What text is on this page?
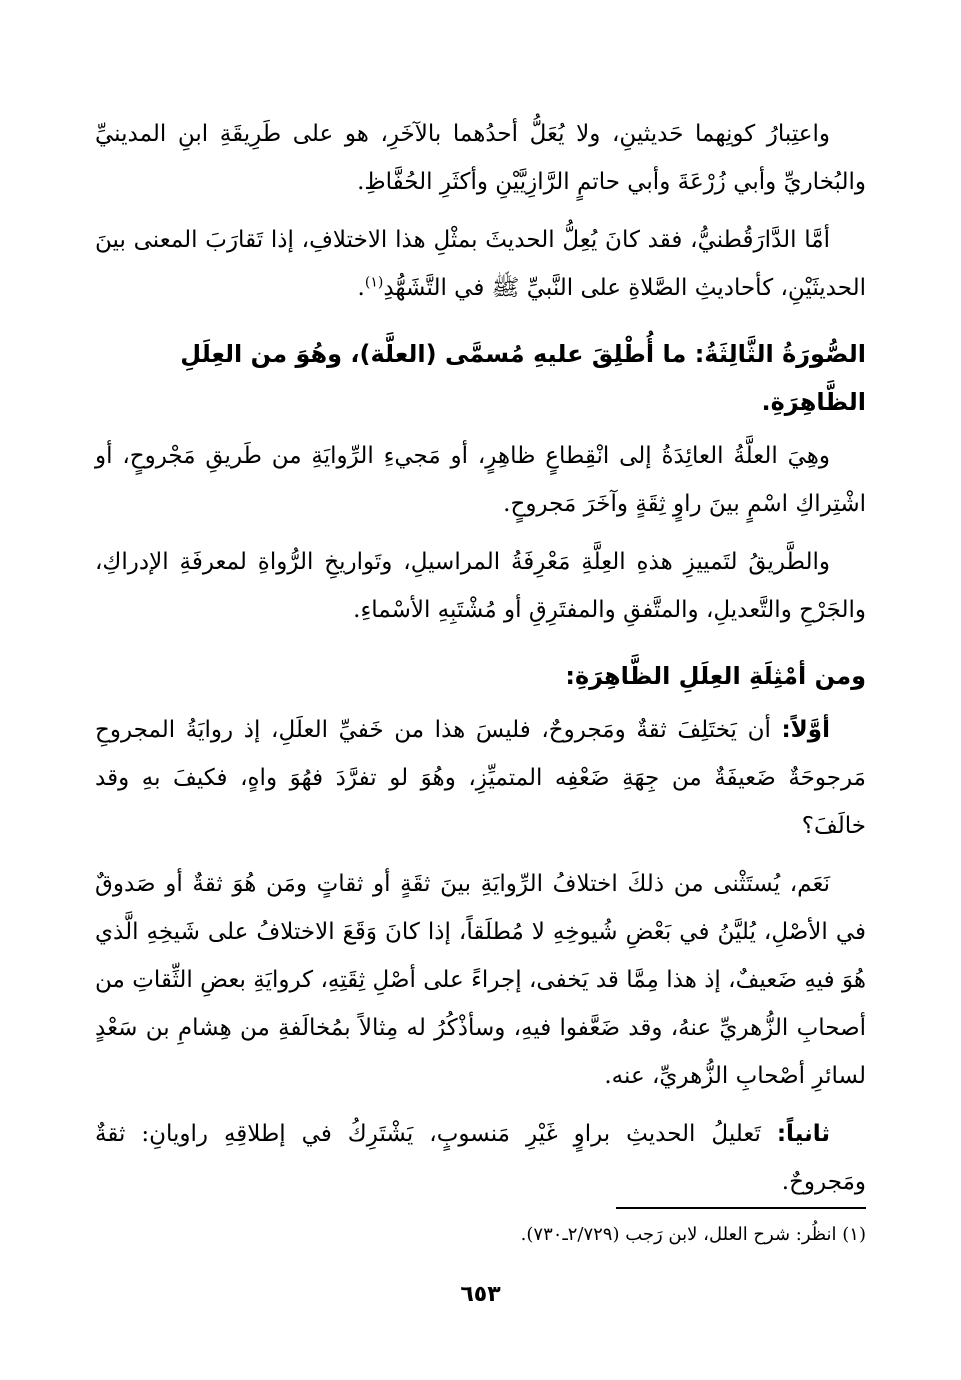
واعتِبارُ كونِهما حَديثينِ، ولا يُعَلُّ أحدُهما بالآخَرِ، هو على طَرِيقَةِ ابنِ المدينيِّ والبُخاريِّ وأبي زُرْعَةَ وأبي حاتمٍ الرَّازِيَّيْنِ وأكثَرِ الحُفَّاظِ.

أمَّا الدَّارَقُطنيُّ، فقد كانَ يُعِلُّ الحديثَ بمثْلِ هذا الاختلافِ، إذا تَقارَبَ المعنى بينَ الحديثَيْنِ، كأحاديثِ الصَّلاةِ على النَّبيِّ ﷺ في التَّشَهُّدِ$^{(١)}$.

الصُّورَةُ الثَّالِثَةُ: ما أُطْلِقَ عليهِ مُسمَّى (العلَّة)، وهُوَ من العِلَلِ الظَّاهِرَةِ.

وهِيَ العلَّةُ العائِدَةُ إلى انْقِطاعٍ ظاهِرٍ، أو مَجيءِ الرِّوايَةِ من طَريقِ مَجْروحٍ، أو اشْتِراكِ اسْمٍ بينَ راوٍ ثِقَةٍ وآخَرَ مَجروحٍ.

والطَّريقُ لتَمييزِ هذهِ العِلَّةِ مَعْرِفَةُ المراسيلِ، وتَواريخِ الرُّواةِ لمعرفَةِ الإدراكِ، والجَرْحِ والتَّعديلِ، والمتَّفقِ والمفتَرِقِ أو مُشْتَبِهِ الأسْماءِ.

ومن أمْثِلَةِ العِلَلِ الظَّاهِرَةِ:

أوَّلاً: أن يَختَلِفَ ثقةٌ ومَجروحٌ، فليسَ هذا من خَفيِّ العلَلِ، إذ روايَةُ المجروحِ مَرجوحَةٌ ضَعيفَةٌ من جِهَةِ ضَعْفِه المتميِّزِ، وهُوَ لو تفرَّدَ فهُوَ واهٍ، فكيفَ بهِ وقد خالَفَ؟

نَعَم، يُستَثْنى من ذلكَ اختلافُ الرِّوايَةِ بينَ ثقَةٍ أو ثقاتٍ ومَن هُوَ ثقةٌ أو صَدوقٌ في الأصْلِ، يُليَّنُ في بَعْضِ شُيوخِهِ لا مُطلَقاً، إذا كانَ وَقَعَ الاختلافُ على شَيخِهِ الَّذي هُوَ فيهِ ضَعيفٌ، إذ هذا مِمَّا قد يَخفى، إجراءً على أصْلِ ثِقَتِهِ، كروايَةِ بعضِ الثِّقاتِ من أصحابِ الزُّهريِّ عنهُ، وقد ضَعَّفوا فيهِ، وسأذْكُرُ له مِثالاً بمُخالَفةِ من هِشامِ بن سَعْدٍ لسائرِ أصْحابِ الزُّهريِّ، عنه.

ثانياً: تَعليلُ الحديثِ براوٍ غَيْرِ مَنسوبٍ، يَشْتَرِكُ في إطلاقِهِ راويانِ: ثقةٌ ومَجروحٌ.

(١) انظُر: شرح العلل، لابن رَجب (٢/٧٢٩ـ٧٣٠).
٦٥٣
